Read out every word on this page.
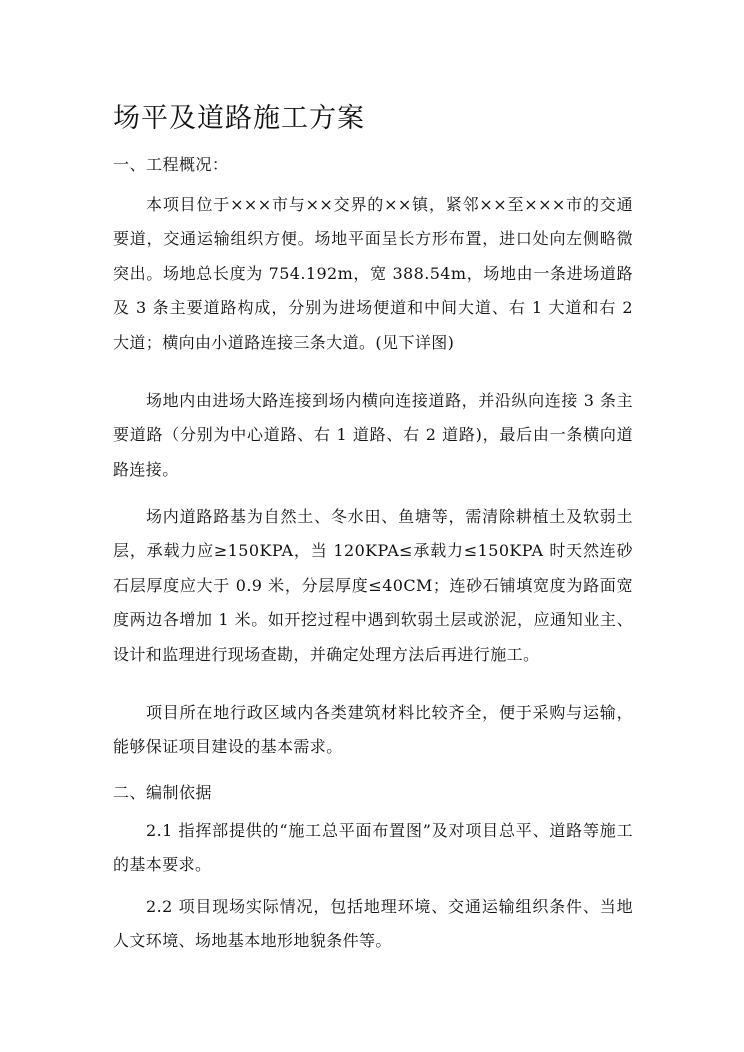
场平及道路施工方案
一、工程概况：

本项目位于×××市与××交界的××镇，紧邻××至×××市的交通要道，交通运输组织方便。场地平面呈长方形布置，进口处向左侧略微突出。场地总长度为 754.192m，宽 388.54m，场地由一条进场道路及 3 条主要道路构成，分别为进场便道和中间大道、右 1 大道和右 2 大道；横向由小道路连接三条大道。(见下详图)

场地内由进场大路连接到场内横向连接道路，并沿纵向连接 3 条主要道路（分别为中心道路、右 1 道路、右 2 道路)，最后由一条横向道路连接。

场内道路路基为自然土、冬水田、鱼塘等，需清除耕植土及软弱土层，承载力应≥150KPA，当 120KPA≤承载力≤150KPA 时天然连砂石层厚度应大于 0.9 米，分层厚度≤40CM；连砂石铺填宽度为路面宽度两边各增加 1 米。如开挖过程中遇到软弱土层或淤泥，应通知业主、设计和监理进行现场查勘，并确定处理方法后再进行施工。

项目所在地行政区域内各类建筑材料比较齐全，便于采购与运输，能够保证项目建设的基本需求。

二、编制依据

2.1 指挥部提供的“施工总平面布置图”及对项目总平、道路等施工的基本要求。

2.2 项目现场实际情况，包括地理环境、交通运输组织条件、当地人文环境、场地基本地形地貌条件等。
